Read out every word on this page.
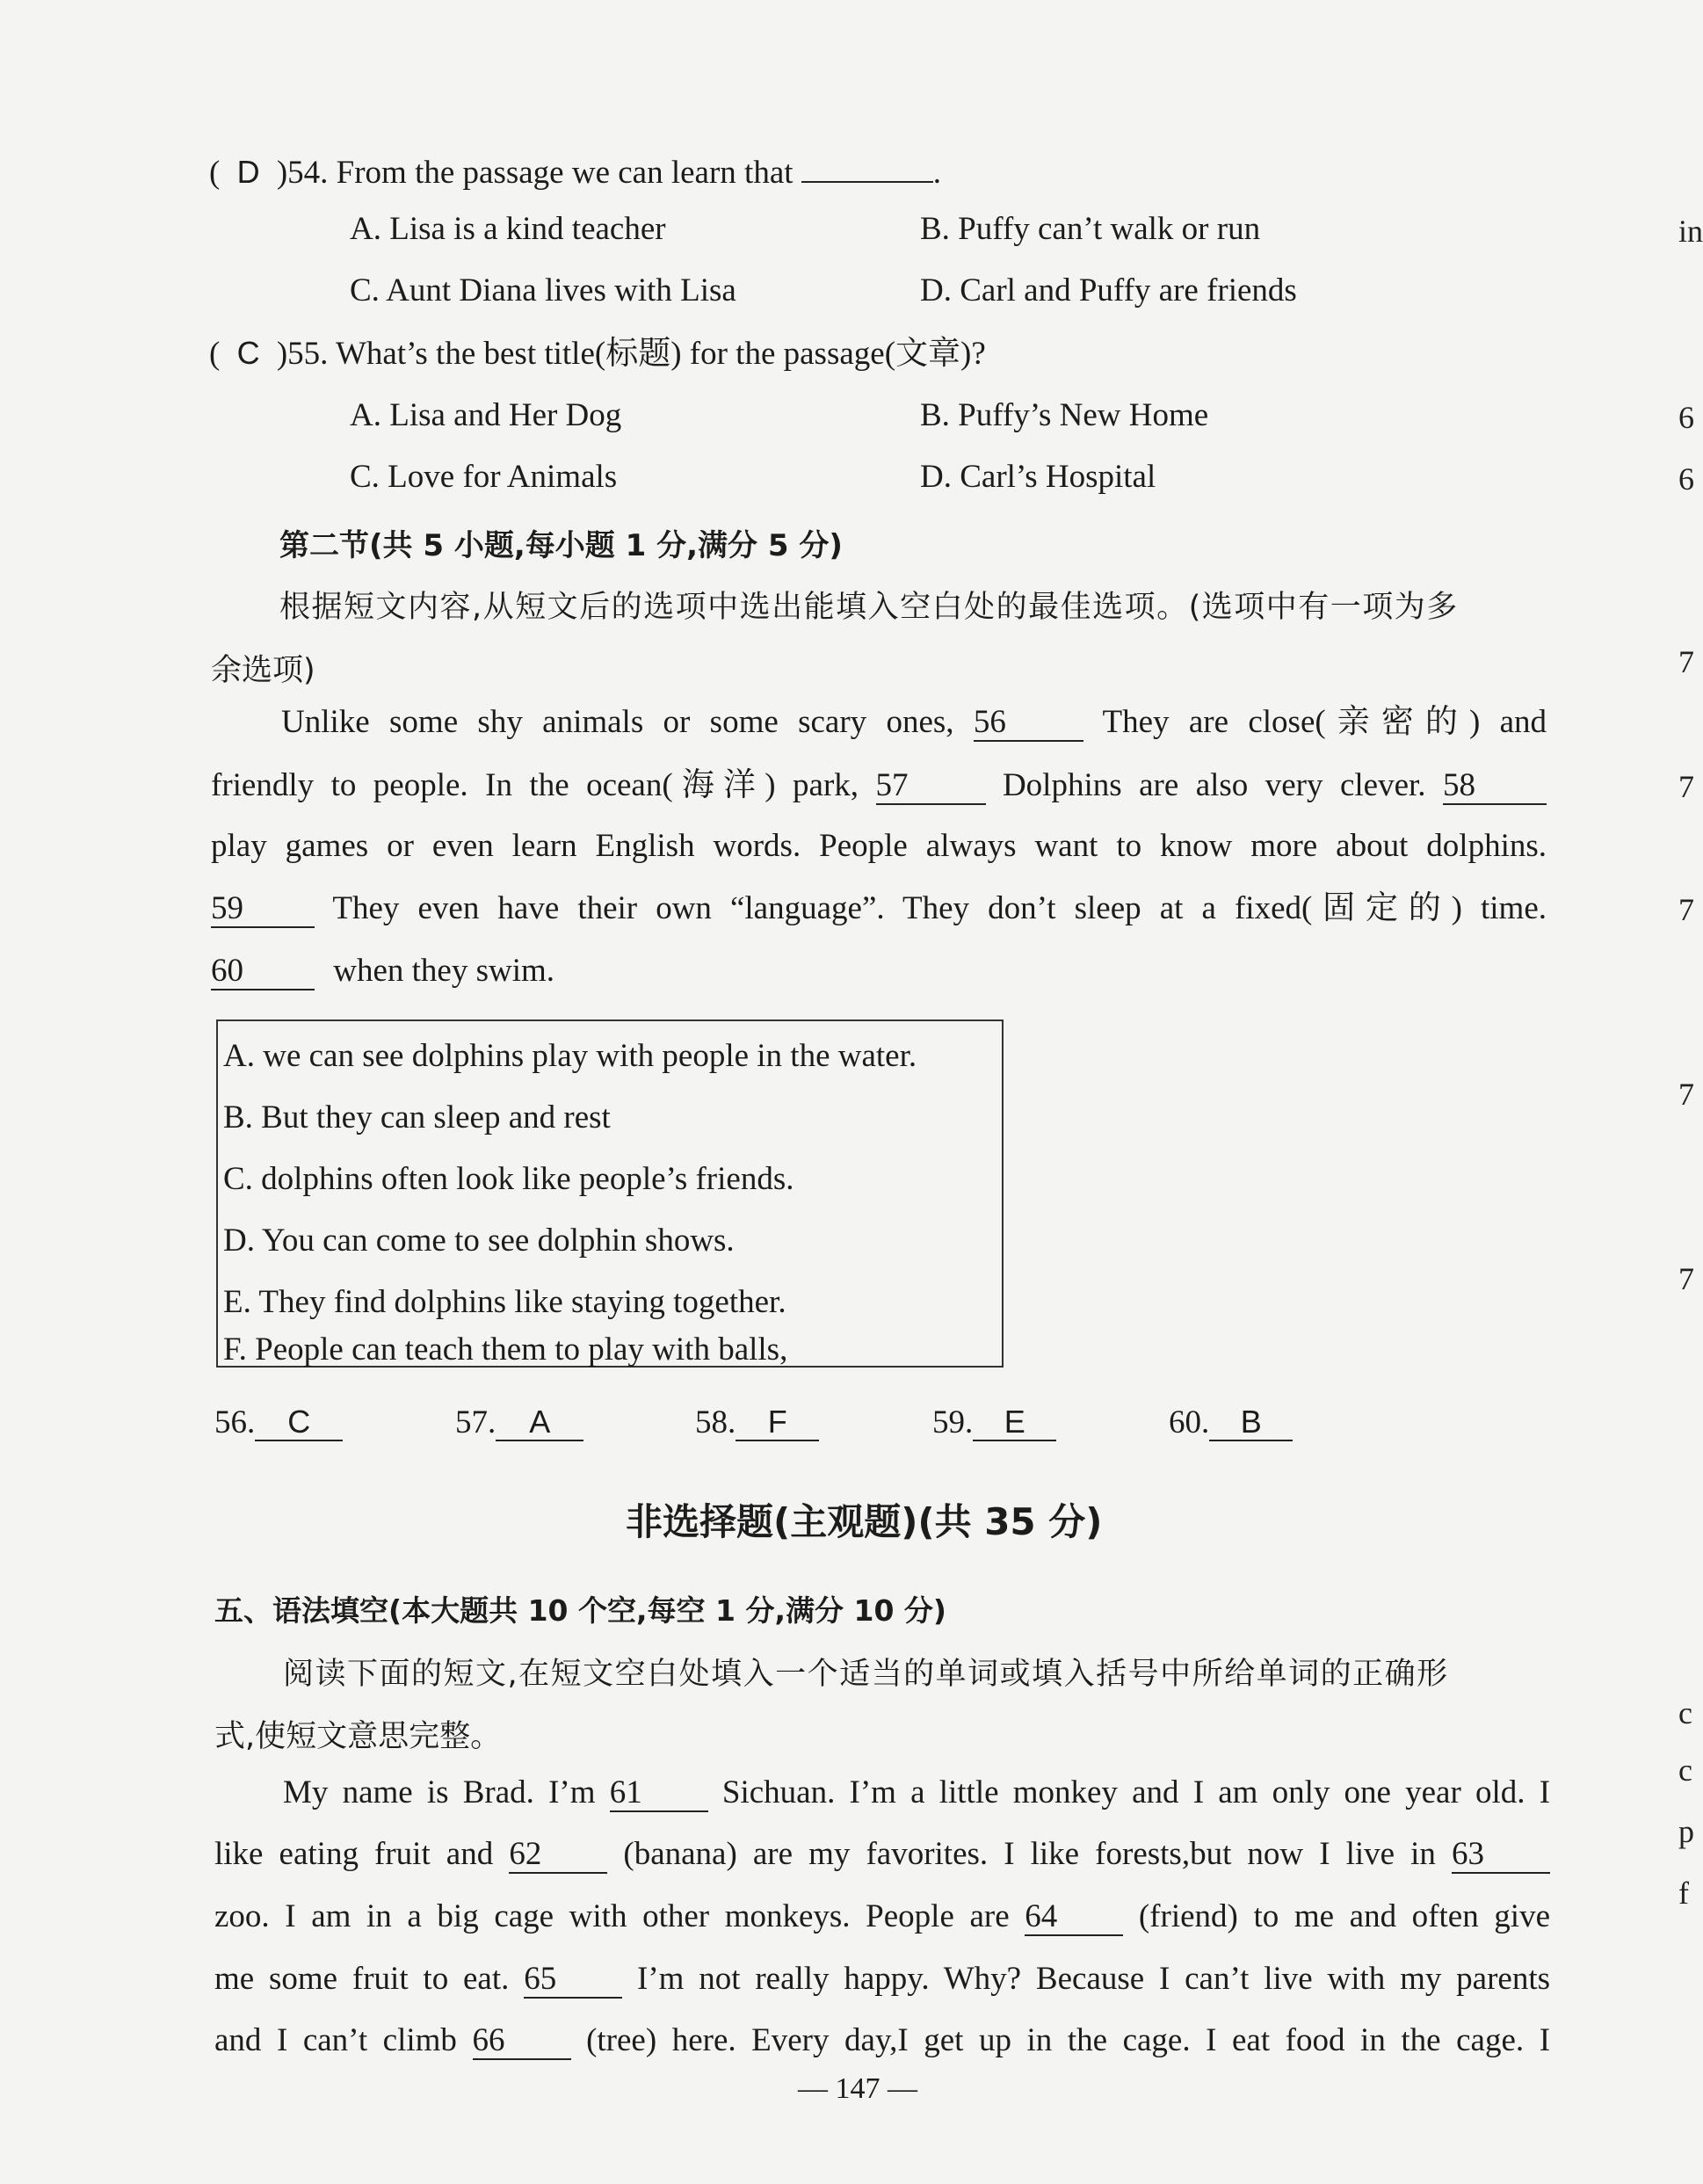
( D )54. From the passage we can learn that	.
A. Lisa is a kind teacher	B. Puffy can’t walk or run
C. Aunt Diana lives with Lisa	D. Carl and Puffy are friends
( C )55. What’s the best title(标题) for the passage(文章)?
A. Lisa and Her Dog	B. Puffy’s New Home
C. Love for Animals	D. Carl’s Hospital
第二节(共 5 小题,每小题 1 分,满分 5 分)
根据短文内容,从短文后的选项中选出能填入空白处的最佳选项。(选项中有一项为多
余选项)
Unlike some shy animals or some scary ones, 56	They are close(亲密的) and
friendly to people. In the ocean(海洋) park, 57	Dolphins are also very clever. 58
play games or even learn English words. People always want to know more about dolphins.
59	They even have their own “language”. They don’t sleep at a fixed(固定的) time.
60	when they swim.
A. we can see dolphins play with people in the water.
B. But they can sleep and rest
C. dolphins often look like people’s friends.
D. You can come to see dolphin shows.
E. They find dolphins like staying together.
F. People can teach them to play with balls,
56. C	57. A	58. F	59. E	60. B
非选择题(主观题)(共 35 分)
五、语法填空(本大题共 10 个空,每空 1 分,满分 10 分)
阅读下面的短文,在短文空白处填入一个适当的单词或填入括号中所给单词的正确形
式,使短文意思完整。
My name is Brad. I’m 61 Sichuan. I’m a little monkey and I am only one year old. I
like eating fruit and 62	(banana) are my favorites. I like forests,but now I live in 63
zoo. I am in a big cage with other monkeys. People are 64	(friend) to me and often give
me some fruit to eat. 65 I’m not really happy. Why? Because I can’t live with my parents
and I can’t climb 66	(tree) here. Every day,I get up in the cage. I eat food in the cage. I
— 147 —
in
6
6
7
7
7
7
7
c
c
p
f
